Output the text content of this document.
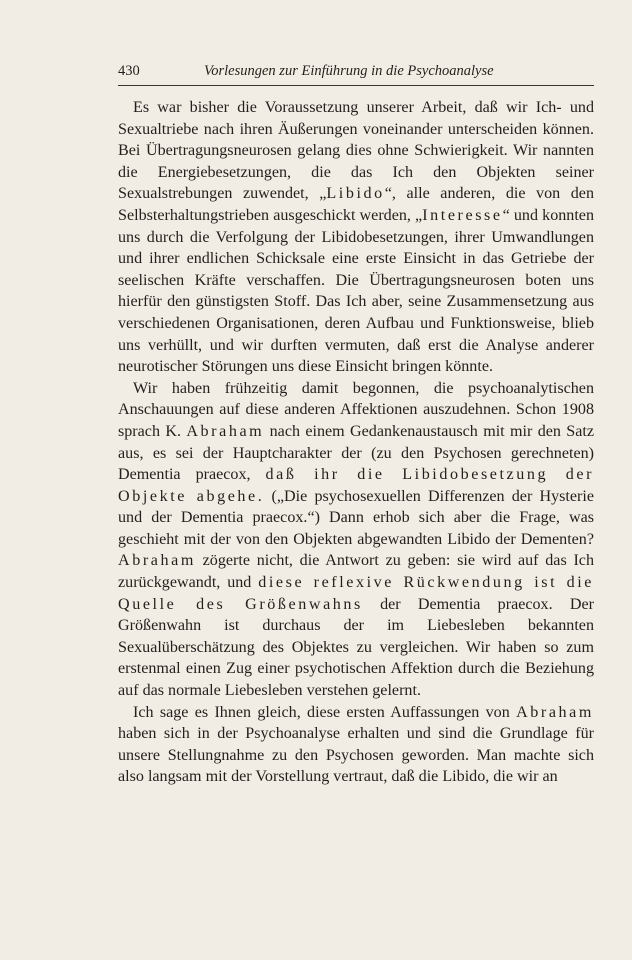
430	Vorlesungen zur Einführung in die Psychoanalyse

Es war bisher die Voraussetzung unserer Arbeit, daß wir Ich- und Sexualtriebe nach ihren Äußerungen voneinander unterscheiden können. Bei Übertragungsneurosen gelang dies ohne Schwierigkeit. Wir nannten die Energiebesetzungen, die das Ich den Objekten seiner Sexualstrebungen zuwendet, „Libido“, alle anderen, die von den Selbsterhaltungstrieben ausgeschickt werden, „Interesse“ und konnten uns durch die Verfolgung der Libidobesetzungen, ihrer Umwandlungen und ihrer endlichen Schicksale eine erste Einsicht in das Getriebe der seelischen Kräfte verschaffen. Die Übertragungsneurosen boten uns hierfür den günstigsten Stoff. Das Ich aber, seine Zusammensetzung aus verschiedenen Organisationen, deren Aufbau und Funktionsweise, blieb uns verhüllt, und wir durften vermuten, daß erst die Analyse anderer neurotischer Störungen uns diese Einsicht bringen könnte.

Wir haben frühzeitig damit begonnen, die psychoanalytischen Anschauungen auf diese anderen Affektionen auszudehnen. Schon 1908 sprach K. Abraham nach einem Gedankenaustausch mit mir den Satz aus, es sei der Hauptcharakter der (zu den Psychosen gerechneten) Dementia praecox, daß ihr die Libidobesetzung der Objekte abgehe. („Die psychosexuellen Differenzen der Hysterie und der Dementia praecox.“) Dann erhob sich aber die Frage, was geschieht mit der von den Objekten abgewandten Libido der Dementen? Abraham zögerte nicht, die Antwort zu geben: sie wird auf das Ich zurückgewandt, und diese reflexive Rückwendung ist die Quelle des Größenwahns der Dementia praecox. Der Größenwahn ist durchaus der im Liebesleben bekannten Sexualüberschätzung des Objektes zu vergleichen. Wir haben so zum erstenmal einen Zug einer psychotischen Affektion durch die Beziehung auf das normale Liebesleben verstehen gelernt.

Ich sage es Ihnen gleich, diese ersten Auffassungen von Abraham haben sich in der Psychoanalyse erhalten und sind die Grundlage für unsere Stellungnahme zu den Psychosen geworden. Man machte sich also langsam mit der Vorstellung vertraut, daß die Libido, die wir an
